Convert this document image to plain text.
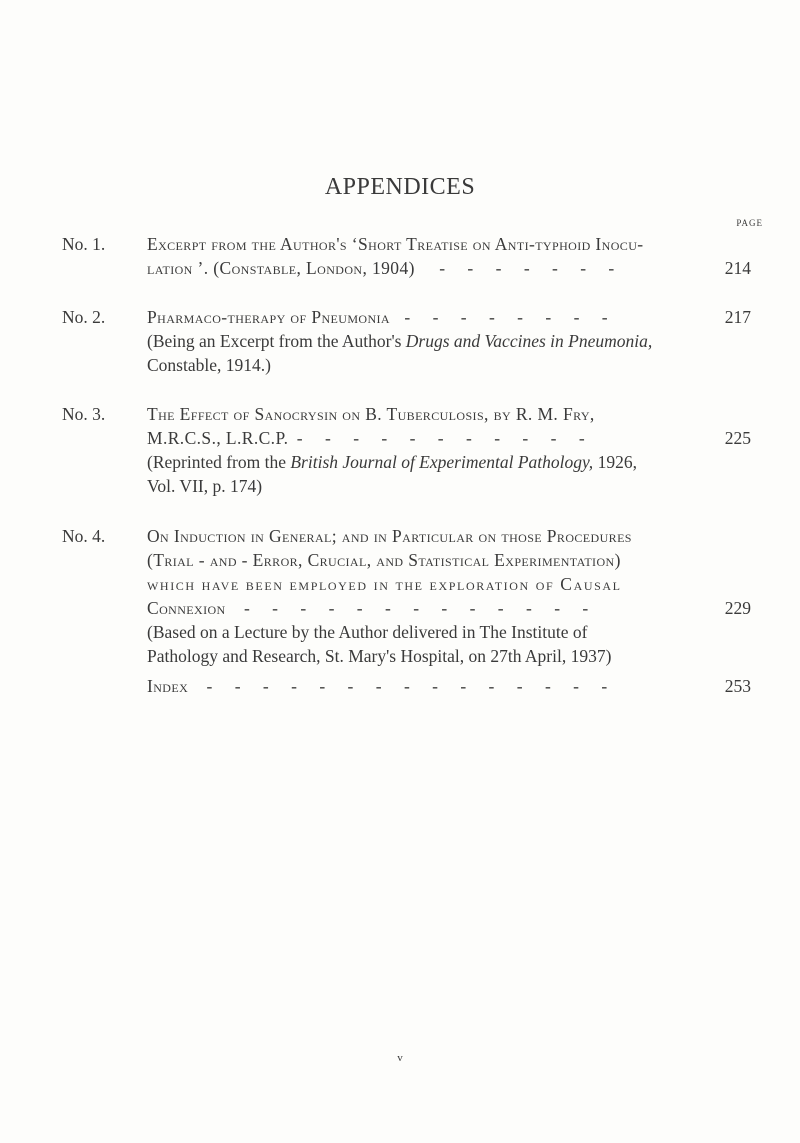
APPENDICES
PAGE
No. 1. Excerpt from the Author's ‘Short Treatise on Anti-typhoid Inocu-
lation ’. (Constable, London, 1904) - - - - - - -	214
No. 2. Pharmaco-therapy of Pneumonia - - - - - - - -
(Being an Excerpt from the Author's Drugs and Vaccines in Pneumonia, Constable, 1914.)
217
No. 3. The Effect of Sanocrysin on B. Tuberculosis, by R. M. Fry,
M.R.C.S., L.R.C.P. - - - - - - - - - - -
(Reprinted from the British Journal of Experimental Pathology, 1926,
Vol. VII, p. 174)
225
No. 4. On Induction in General; and in Particular on those Procedures
(Trial - and - Error, Crucial, and Statistical Experimentation)
which have been employed in the exploration of Causal
Connexion - - - - - - - - - - - - -
(Based on a Lecture by the Author delivered in The Institute of
Pathology and Research, St. Mary's Hospital, on 27th April, 1937)
229
Index - - - - - - - - - - - - - - -	253
v
